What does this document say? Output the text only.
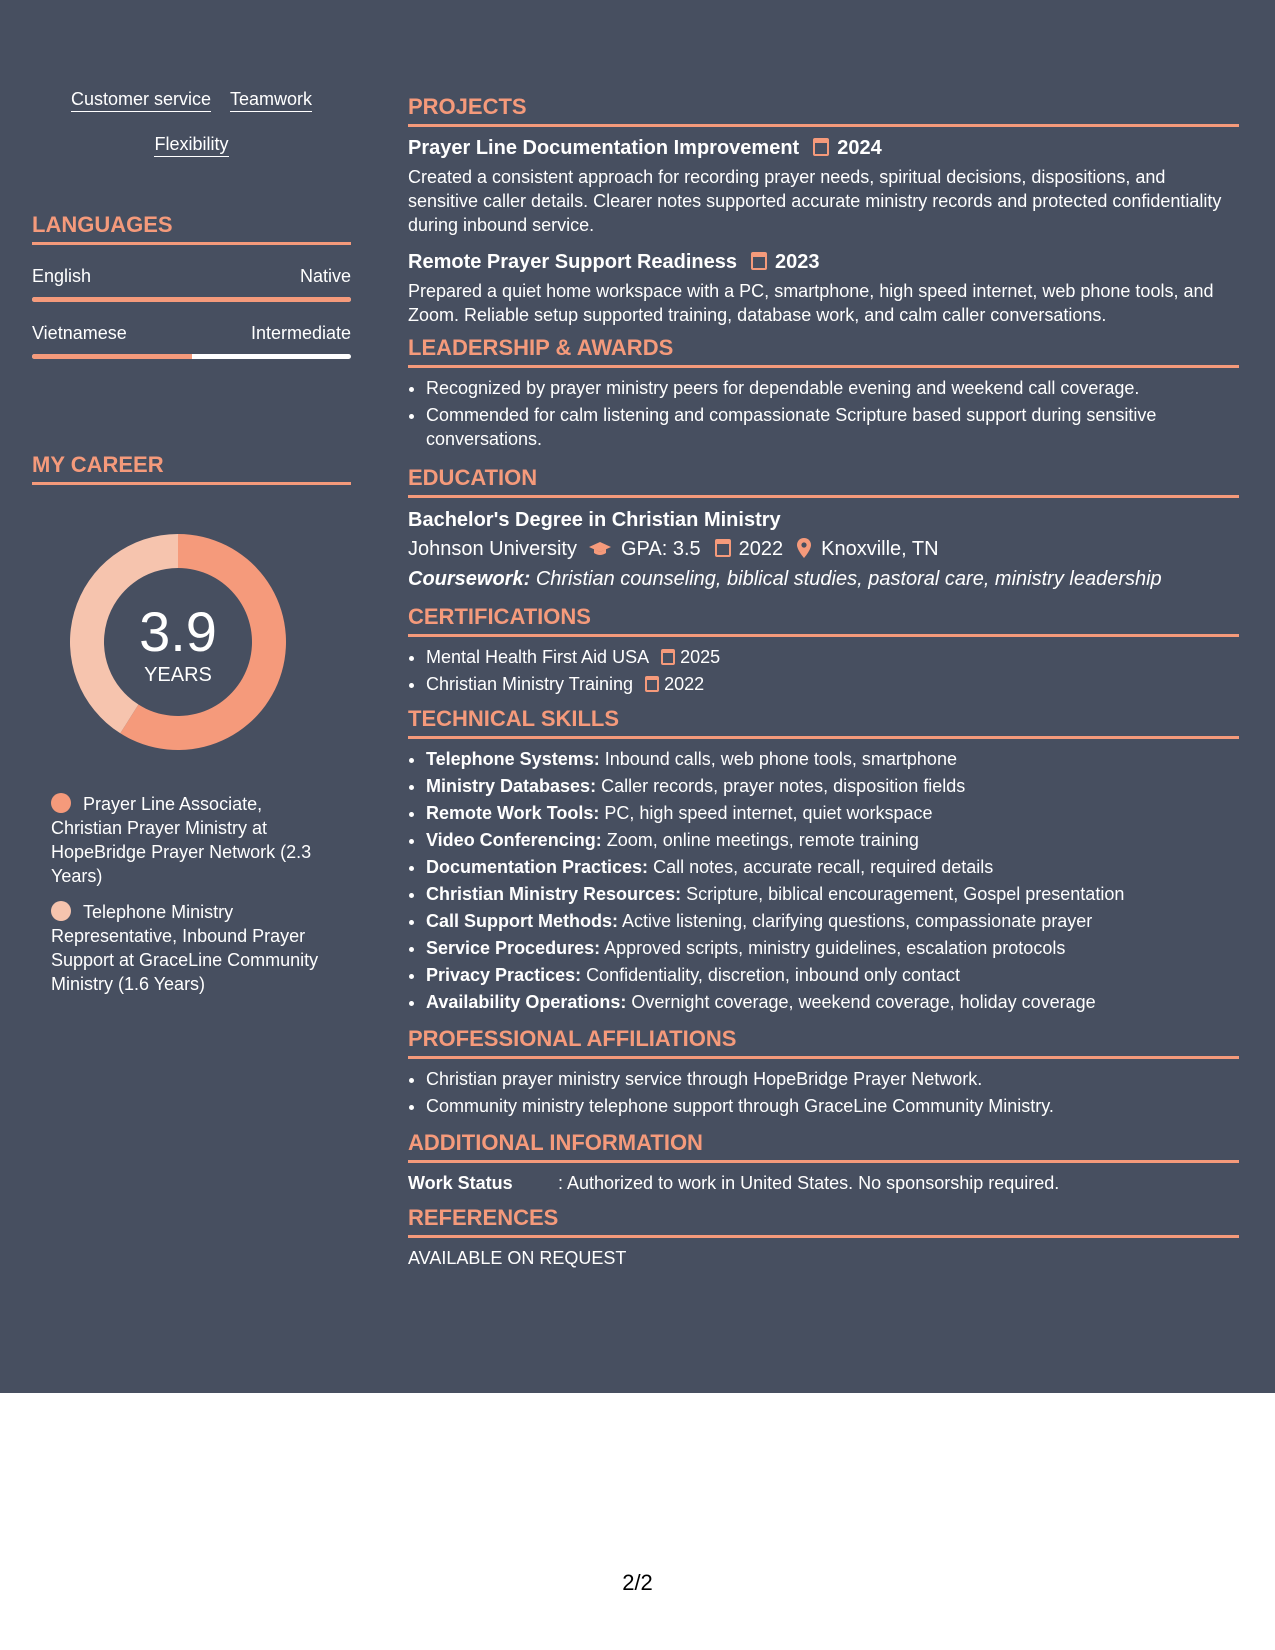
Customer service Teamwork
Flexibility
LANGUAGES
English	Native
Vietnamese	Intermediate
MY CAREER
3.9
YEARS
Prayer Line Associate, Christian Prayer Ministry at HopeBridge Prayer Network (2.3 Years)
Telephone Ministry Representative, Inbound Prayer Support at GraceLine Community Ministry (1.6 Years)
PROJECTS
Prayer Line Documentation Improvement 2024
Created a consistent approach for recording prayer needs, spiritual decisions, dispositions, and sensitive caller details. Clearer notes supported accurate ministry records and protected confidentiality during inbound service.
Remote Prayer Support Readiness 2023
Prepared a quiet home workspace with a PC, smartphone, high speed internet, web phone tools, and Zoom. Reliable setup supported training, database work, and calm caller conversations.
LEADERSHIP & AWARDS
• Recognized by prayer ministry peers for dependable evening and weekend call coverage.
• Commended for calm listening and compassionate Scripture based support during sensitive conversations.
EDUCATION
Bachelor's Degree in Christian Ministry
Johnson University GPA: 3.5 2022 Knoxville, TN
Coursework: Christian counseling, biblical studies, pastoral care, ministry leadership
CERTIFICATIONS
• Mental Health First Aid USA 2025
• Christian Ministry Training 2022
TECHNICAL SKILLS
• Telephone Systems: Inbound calls, web phone tools, smartphone
• Ministry Databases: Caller records, prayer notes, disposition fields
• Remote Work Tools: PC, high speed internet, quiet workspace
• Video Conferencing: Zoom, online meetings, remote training
• Documentation Practices: Call notes, accurate recall, required details
• Christian Ministry Resources: Scripture, biblical encouragement, Gospel presentation
• Call Support Methods: Active listening, clarifying questions, compassionate prayer
• Service Procedures: Approved scripts, ministry guidelines, escalation protocols
• Privacy Practices: Confidentiality, discretion, inbound only contact
• Availability Operations: Overnight coverage, weekend coverage, holiday coverage
PROFESSIONAL AFFILIATIONS
• Christian prayer ministry service through HopeBridge Prayer Network.
• Community ministry telephone support through GraceLine Community Ministry.
ADDITIONAL INFORMATION
Work Status	: Authorized to work in United States. No sponsorship required.
REFERENCES
AVAILABLE ON REQUEST
2/2
